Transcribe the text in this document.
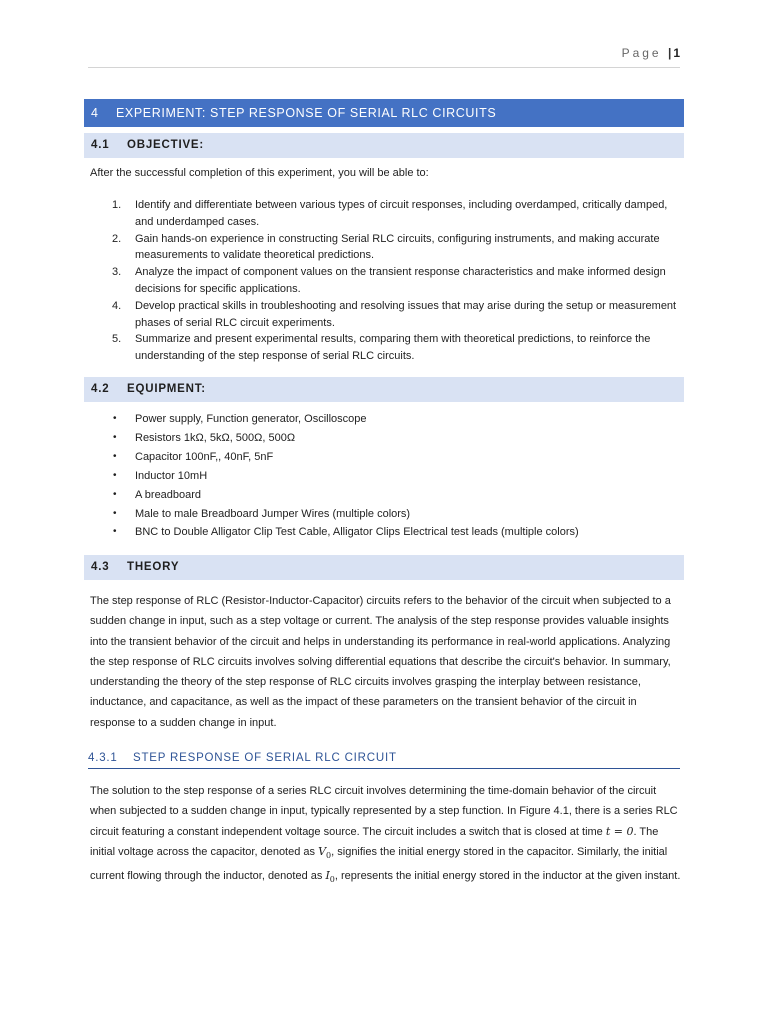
Page | 1
4 EXPERIMENT: STEP RESPONSE OF SERIAL RLC CIRCUITS
4.1 OBJECTIVE:

After the successful completion of this experiment, you will be able to:

1. Identify and differentiate between various types of circuit responses, including overdamped, critically damped, and underdamped cases.
2. Gain hands-on experience in constructing Serial RLC circuits, configuring instruments, and making accurate measurements to validate theoretical predictions.
3. Analyze the impact of component values on the transient response characteristics and make informed design decisions for specific applications.
4. Develop practical skills in troubleshooting and resolving issues that may arise during the setup or measurement phases of serial RLC circuit experiments.
5. Summarize and present experimental results, comparing them with theoretical predictions, to reinforce the understanding of the step response of serial RLC circuits.
4.2 EQUIPMENT:
• Power supply, Function generator, Oscilloscope
• Resistors 1kΩ, 5kΩ, 500Ω, 500Ω
• Capacitor 100nF,, 40nF, 5nF
• Inductor 10mH
• A breadboard
• Male to male Breadboard Jumper Wires (multiple colors)
• BNC to Double Alligator Clip Test Cable, Alligator Clips Electrical test leads (multiple colors)
4.3 THEORY

The step response of RLC (Resistor-Inductor-Capacitor) circuits refers to the behavior of the circuit when subjected to a sudden change in input, such as a step voltage or current. The analysis of the step response provides valuable insights into the transient behavior of the circuit and helps in understanding its performance in real-world applications. Analyzing the step response of RLC circuits involves solving differential equations that describe the circuit's behavior. In summary, understanding the theory of the step response of RLC circuits involves grasping the interplay between resistance, inductance, and capacitance, as well as the impact of these parameters on the transient behavior of the circuit in response to a sudden change in input.

4.3.1 STEP RESPONSE OF SERIAL RLC CIRCUIT

The solution to the step response of a series RLC circuit involves determining the time-domain behavior of the circuit when subjected to a sudden change in input, typically represented by a step function. In Figure 4.1, there is a series RLC circuit featuring a constant independent voltage source. The circuit includes a switch that is closed at time t = 0. The initial voltage across the capacitor, denoted as $V_0$, signifies the initial energy stored in the capacitor. Similarly, the initial current flowing through the inductor, denoted as $I_0$, represents the initial energy stored in the inductor at the given instant.
